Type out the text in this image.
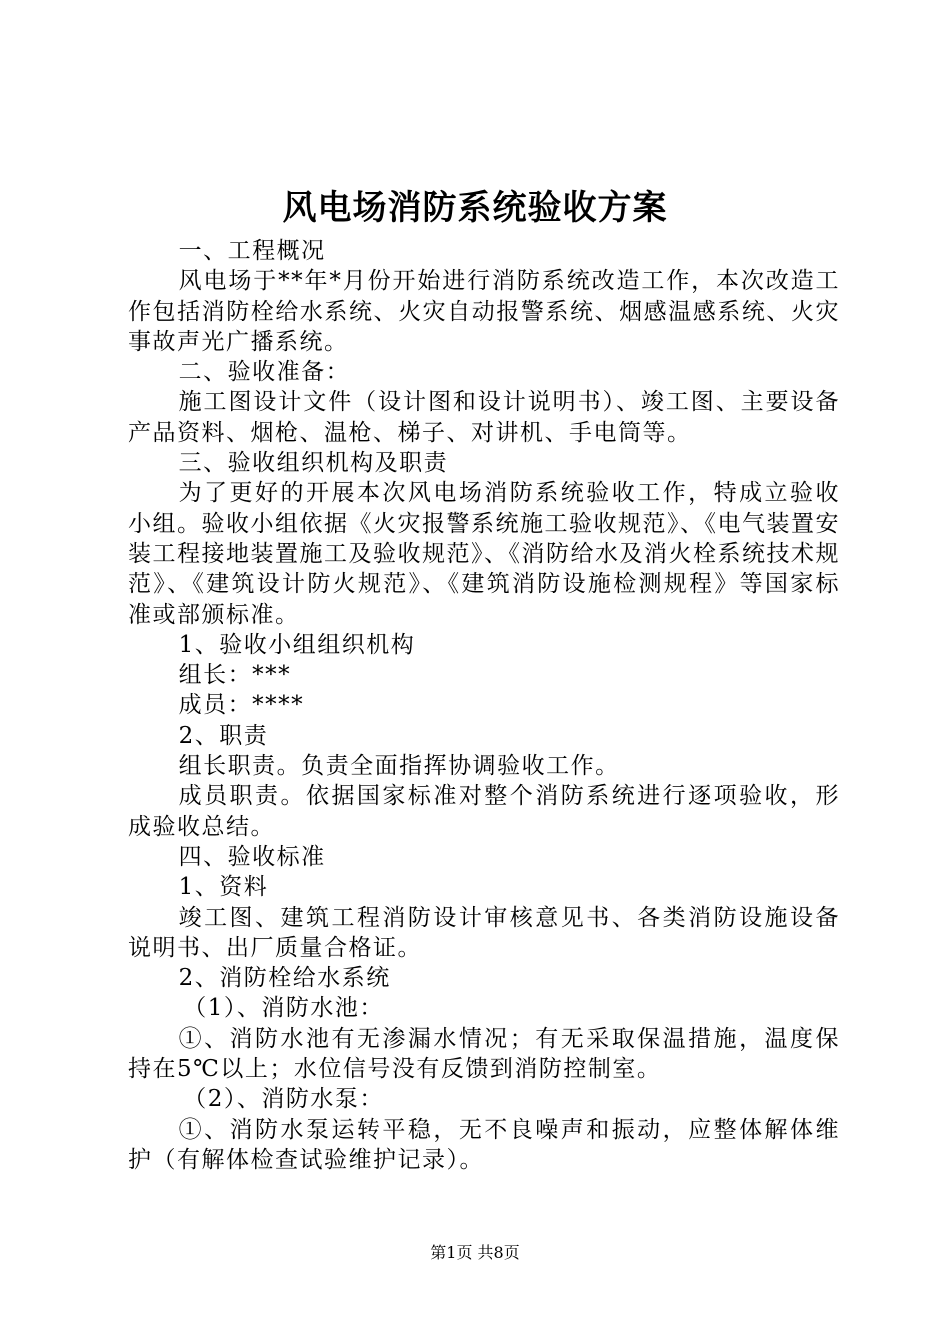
风电场消防系统验收方案

一、工程概况

风电场于**年*月份开始进行消防系统改造工作，本次改造工作包括消防栓给水系统、火灾自动报警系统、烟感温感系统、火灾事故声光广播系统。

二、验收准备：

施工图设计文件（设计图和设计说明书）、竣工图、主要设备产品资料、烟枪、温枪、梯子、对讲机、手电筒等。

三、验收组织机构及职责

为了更好的开展本次风电场消防系统验收工作，特成立验收小组。验收小组依据《火灾报警系统施工验收规范》、《电气装置安装工程接地装置施工及验收规范》、《消防给水及消火栓系统技术规范》、《建筑设计防火规范》、《建筑消防设施检测规程》等国家标准或部颁标准。

1、验收小组组织机构

组长：***

成员：****

2、职责

组长职责。负责全面指挥协调验收工作。

成员职责。依据国家标准对整个消防系统进行逐项验收，形成验收总结。

四、验收标准

1、资料

竣工图、建筑工程消防设计审核意见书、各类消防设施设备说明书、出厂质量合格证。

2、消防栓给水系统

（1）、消防水池：

①、消防水池有无渗漏水情况；有无采取保温措施，温度保持在5℃以上；水位信号没有反馈到消防控制室。

（2）、消防水泵：

①、消防水泵运转平稳，无不良噪声和振动，应整体解体维护（有解体检查试验维护记录）。

第1页 共8页
